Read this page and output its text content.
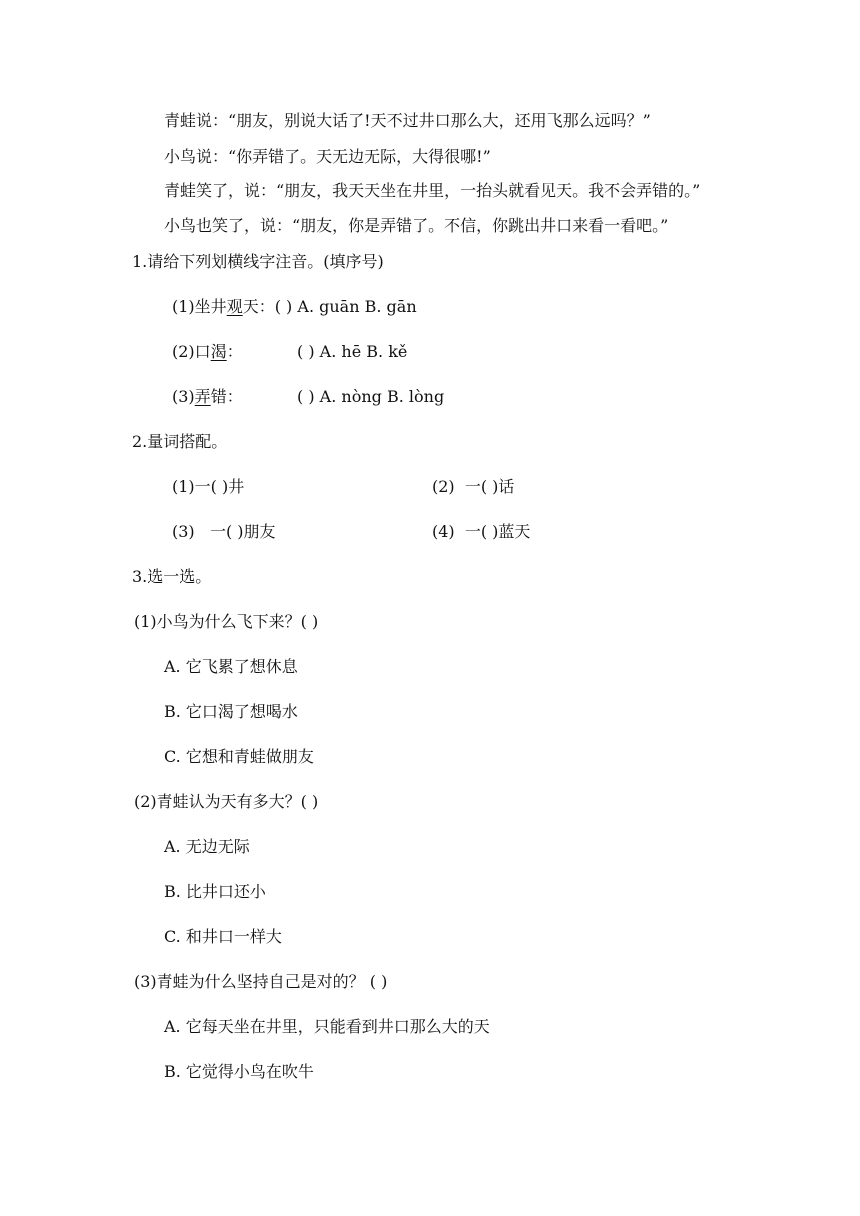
青蛙说：“朋友，别说大话了!天不过井口那么大，还用飞那么远吗？”
小鸟说：“你弄错了。天无边无际，大得很哪!”
青蛙笑了，说：“朋友，我天天坐在井里，一抬头就看见天。我不会弄错的。”
小鸟也笑了，说：“朋友，你是弄错了。不信，你跳出井口来看一看吧。”
1.请给下列划横线字注音。(填序号)
(1)坐井观天：( ) A. guān B. gān
(2)口渴：	( ) A. hē B. kě
(3)弄错：	( ) A. nòng B. lòng
2.量词搭配。
(1)一( )井	(2) 一( )话
(3) 一( )朋友	(4) 一( )蓝天
3.选一选。
(1)小鸟为什么飞下来？( )
A. 它飞累了想休息
B. 它口渴了想喝水
C. 它想和青蛙做朋友
(2)青蛙认为天有多大？( )
A. 无边无际
B. 比井口还小
C. 和井口一样大
(3)青蛙为什么坚持自己是对的？ ( )
A. 它每天坐在井里，只能看到井口那么大的天
B. 它觉得小鸟在吹牛
